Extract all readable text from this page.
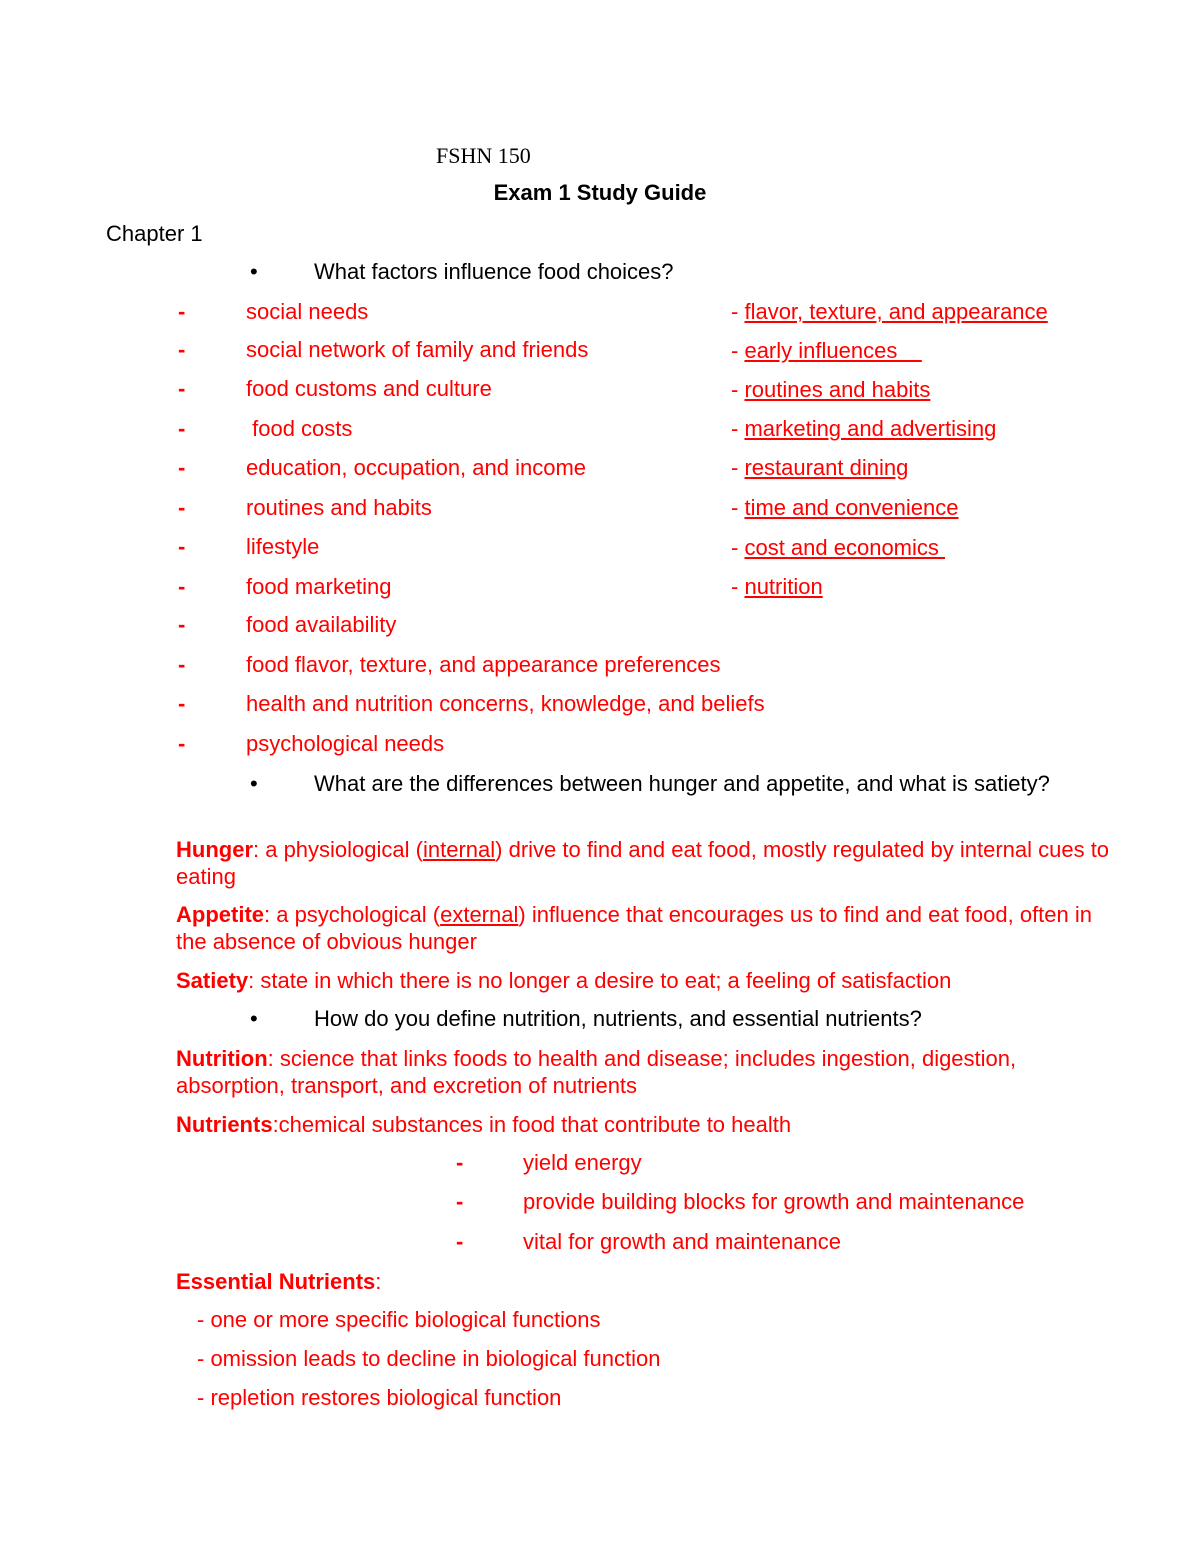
FSHN 150
Exam 1 Study Guide
Chapter 1
•	What factors influence food choices?
-	social needs
-	social network of family and friends
-	food customs and culture
-	food costs
-	education, occupation, and income
-	routines and habits
-	lifestyle
-	food marketing
-	food availability
-	food flavor, texture, and appearance preferences
-	health and nutrition concerns, knowledge, and beliefs
-	psychological needs
- flavor, texture, and appearance
- early influences
- routines and habits
- marketing and advertising
- restaurant dining
- time and convenience
- cost and economics
- nutrition
•	What are the differences between hunger and appetite, and what is satiety?
Hunger: a physiological (internal) drive to find and eat food, mostly regulated by internal cues to eating
Appetite: a psychological (external) influence that encourages us to find and eat food, often in the absence of obvious hunger
Satiety: state in which there is no longer a desire to eat; a feeling of satisfaction
•	How do you define nutrition, nutrients, and essential nutrients?
Nutrition: science that links foods to health and disease; includes ingestion, digestion, absorption, transport, and excretion of nutrients
Nutrients:chemical substances in food that contribute to health
-	yield energy
-	provide building blocks for growth and maintenance
-	vital for growth and maintenance
Essential Nutrients:
- one or more specific biological functions
- omission leads to decline in biological function
- repletion restores biological function
